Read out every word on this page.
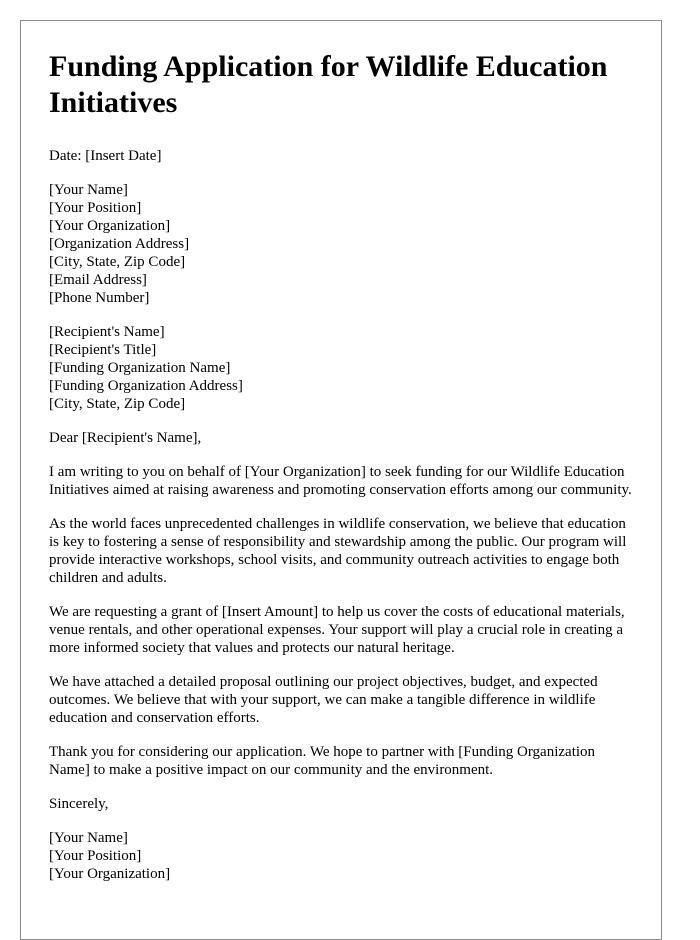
Funding Application for Wildlife Education Initiatives

Date: [Insert Date]

[Your Name]
[Your Position]
[Your Organization]
[Organization Address]
[City, State, Zip Code]
[Email Address]
[Phone Number]
[Recipient's Name]
[Recipient's Title]
[Funding Organization Name]
[Funding Organization Address]
[City, State, Zip Code]

Dear [Recipient's Name],

I am writing to you on behalf of [Your Organization] to seek funding for our Wildlife Education Initiatives aimed at raising awareness and promoting conservation efforts among our community.

As the world faces unprecedented challenges in wildlife conservation, we believe that education is key to fostering a sense of responsibility and stewardship among the public. Our program will provide interactive workshops, school visits, and community outreach activities to engage both children and adults.

We are requesting a grant of [Insert Amount] to help us cover the costs of educational materials, venue rentals, and other operational expenses. Your support will play a crucial role in creating a more informed society that values and protects our natural heritage.

We have attached a detailed proposal outlining our project objectives, budget, and expected outcomes. We believe that with your support, we can make a tangible difference in wildlife education and conservation efforts.

Thank you for considering our application. We hope to partner with [Funding Organization Name] to make a positive impact on our community and the environment.

Sincerely,

[Your Name]
[Your Position]
[Your Organization]
